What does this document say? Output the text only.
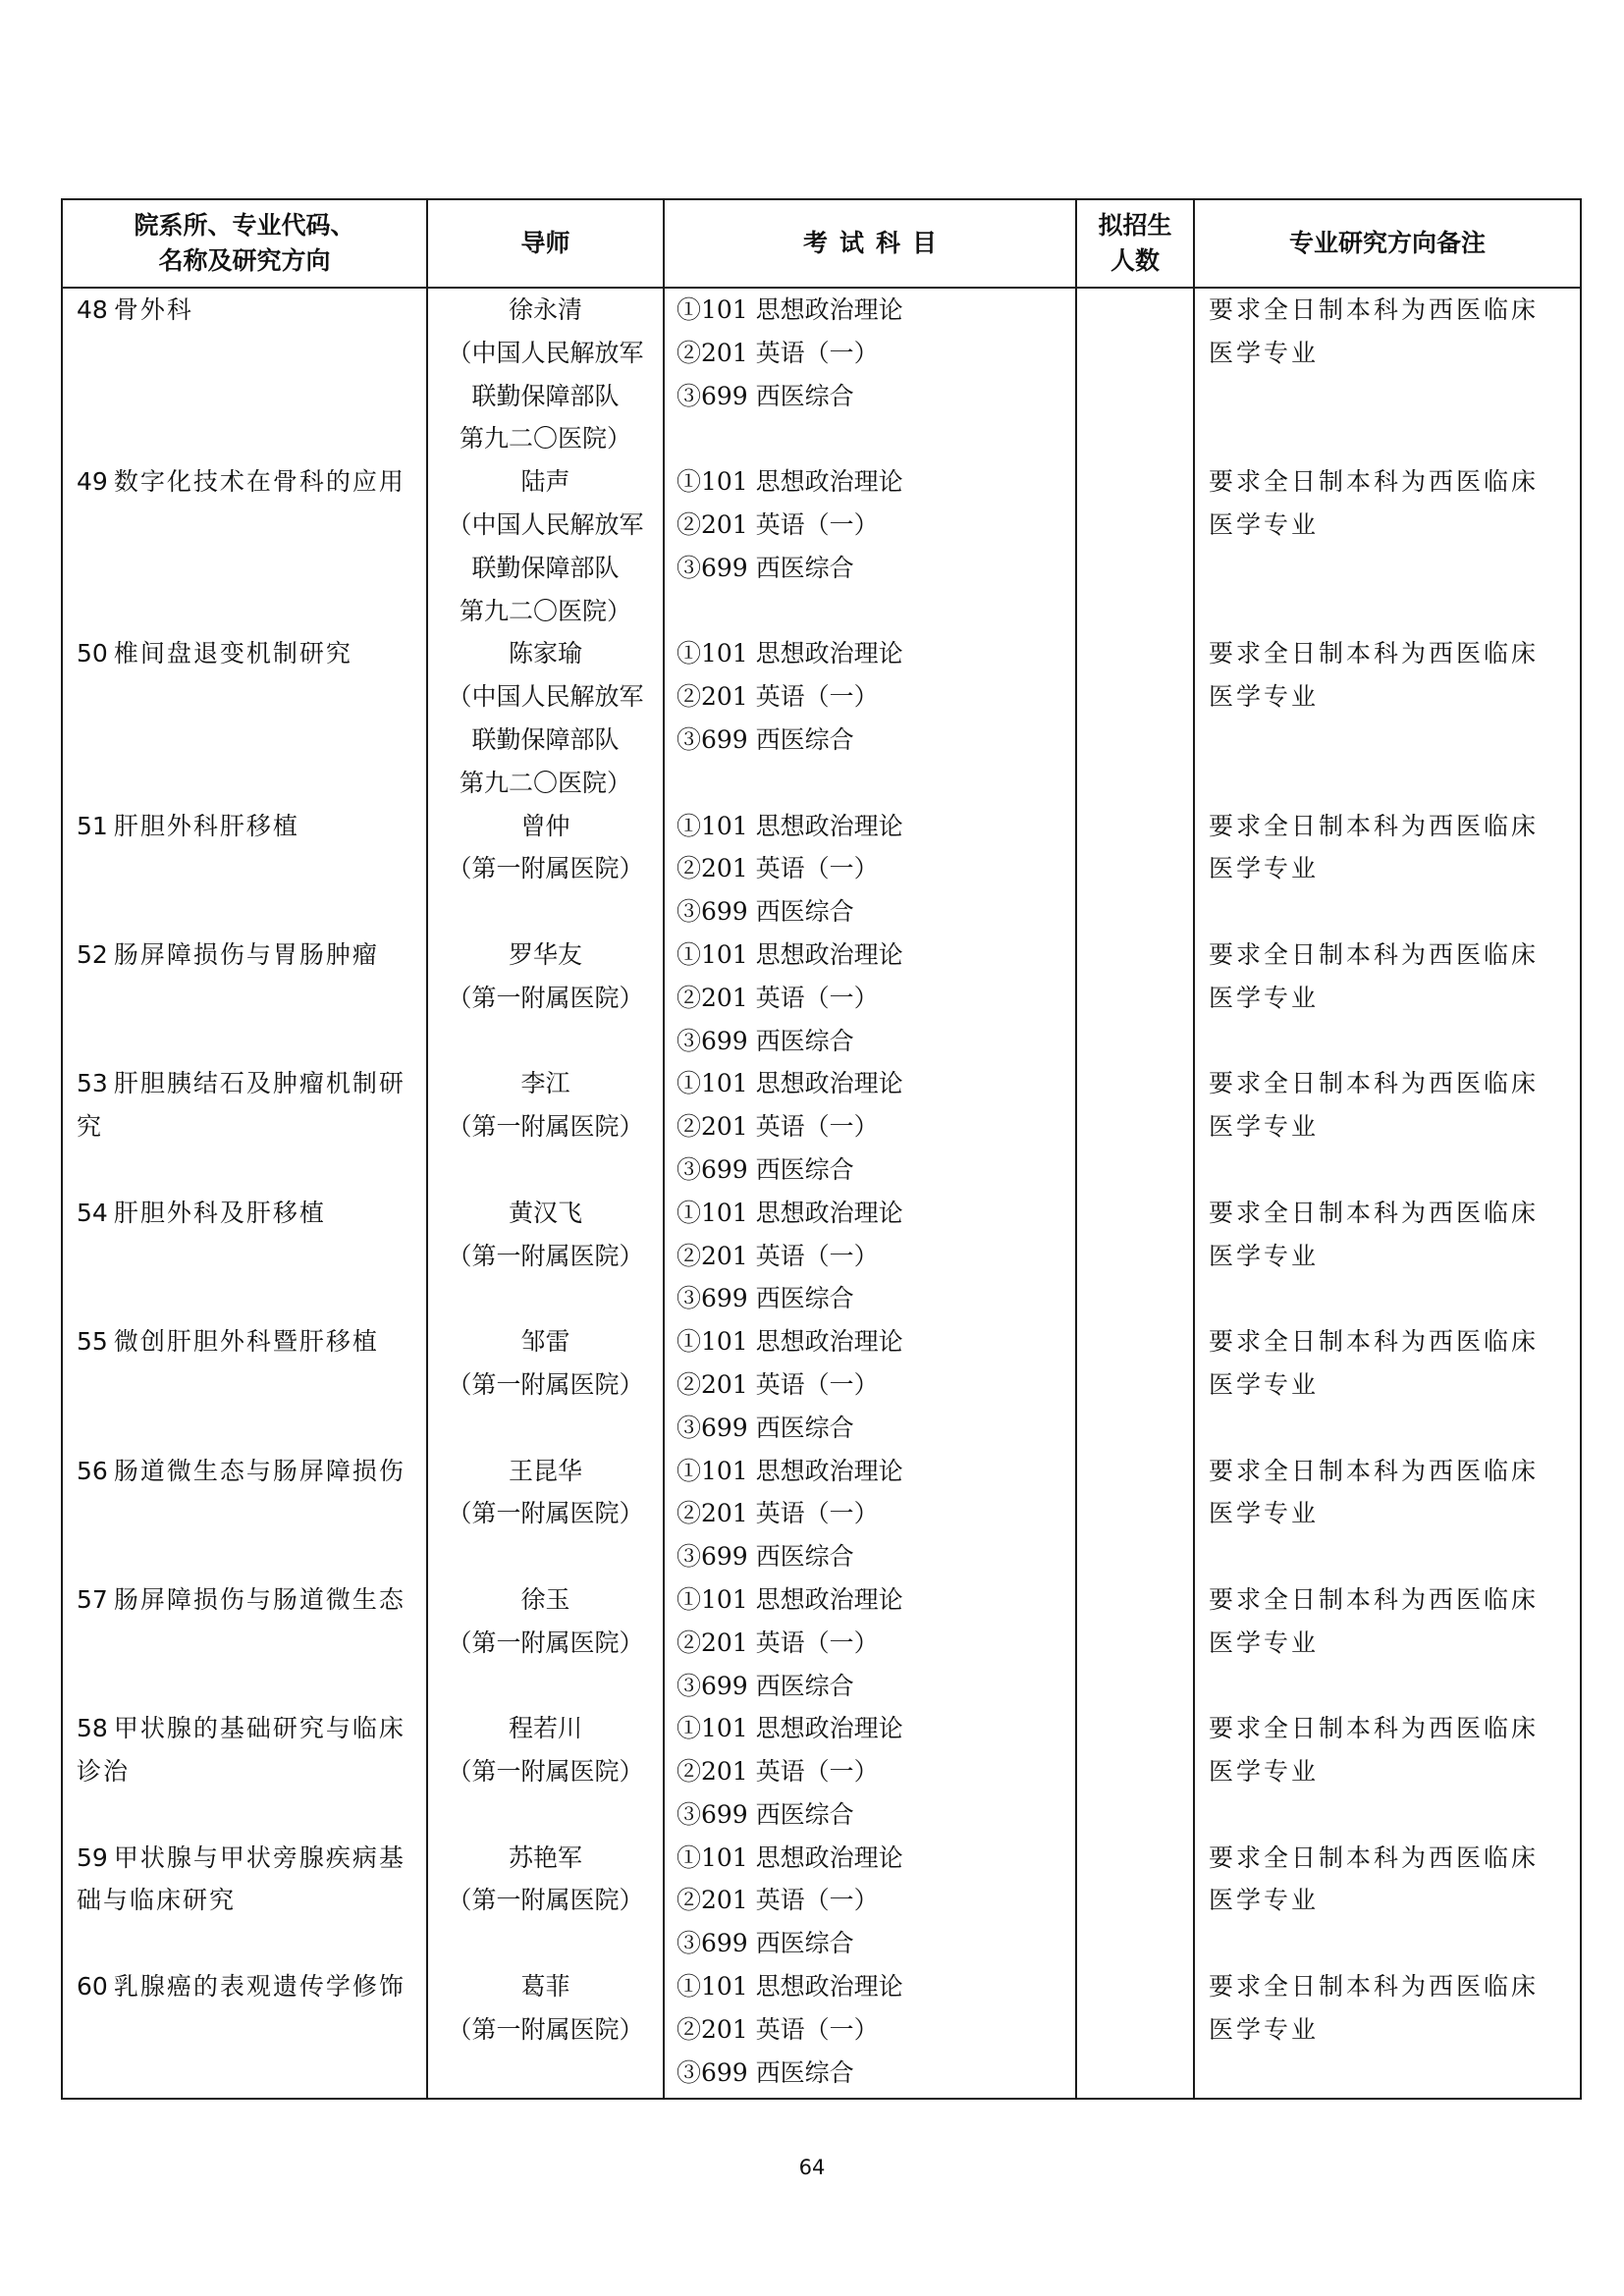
院系所、专业代码、
名称及研究方向	导师	考试科目	拟招生
人数	专业研究方向备注
48 骨外科	徐永清
（中国人民解放军
联勤保障部队
第九二〇医院）	①101 思想政治理论
②201 英语（一）
③699 西医综合		要求全日制本科为西医临床
医学专业

49 数字化技术在骨科的应用	陆声
（中国人民解放军
联勤保障部队
第九二〇医院）	①101 思想政治理论
②201 英语（一）
③699 西医综合		要求全日制本科为西医临床
医学专业

50 椎间盘退变机制研究	陈家瑜
（中国人民解放军
联勤保障部队
第九二〇医院）	①101 思想政治理论
②201 英语（一）
③699 西医综合		要求全日制本科为西医临床
医学专业

51 肝胆外科肝移植	曾仲
（第一附属医院）	①101 思想政治理论
②201 英语（一）
③699 西医综合		要求全日制本科为西医临床
医学专业

52 肠屏障损伤与胃肠肿瘤	罗华友
（第一附属医院）	①101 思想政治理论
②201 英语（一）
③699 西医综合		要求全日制本科为西医临床
医学专业

53 肝胆胰结石及肿瘤机制研究	李江
（第一附属医院）	①101 思想政治理论
②201 英语（一）
③699 西医综合		要求全日制本科为西医临床
医学专业

54 肝胆外科及肝移植	黄汉飞
（第一附属医院）	①101 思想政治理论
②201 英语（一）
③699 西医综合		要求全日制本科为西医临床
医学专业

55 微创肝胆外科暨肝移植	邹雷
（第一附属医院）	①101 思想政治理论
②201 英语（一）
③699 西医综合		要求全日制本科为西医临床
医学专业

56 肠道微生态与肠屏障损伤	王昆华
（第一附属医院）	①101 思想政治理论
②201 英语（一）
③699 西医综合		要求全日制本科为西医临床
医学专业

57 肠屏障损伤与肠道微生态	徐玉
（第一附属医院）	①101 思想政治理论
②201 英语（一）
③699 西医综合		要求全日制本科为西医临床
医学专业

58 甲状腺的基础研究与临床诊治	程若川
（第一附属医院）	①101 思想政治理论
②201 英语（一）
③699 西医综合		要求全日制本科为西医临床
医学专业

59 甲状腺与甲状旁腺疾病基础与临床研究	苏艳军
（第一附属医院）	①101 思想政治理论
②201 英语（一）
③699 西医综合		要求全日制本科为西医临床
医学专业

60 乳腺癌的表观遗传学修饰	葛菲
（第一附属医院）	①101 思想政治理论
②201 英语（一）
③699 西医综合		要求全日制本科为西医临床
医学专业
64
